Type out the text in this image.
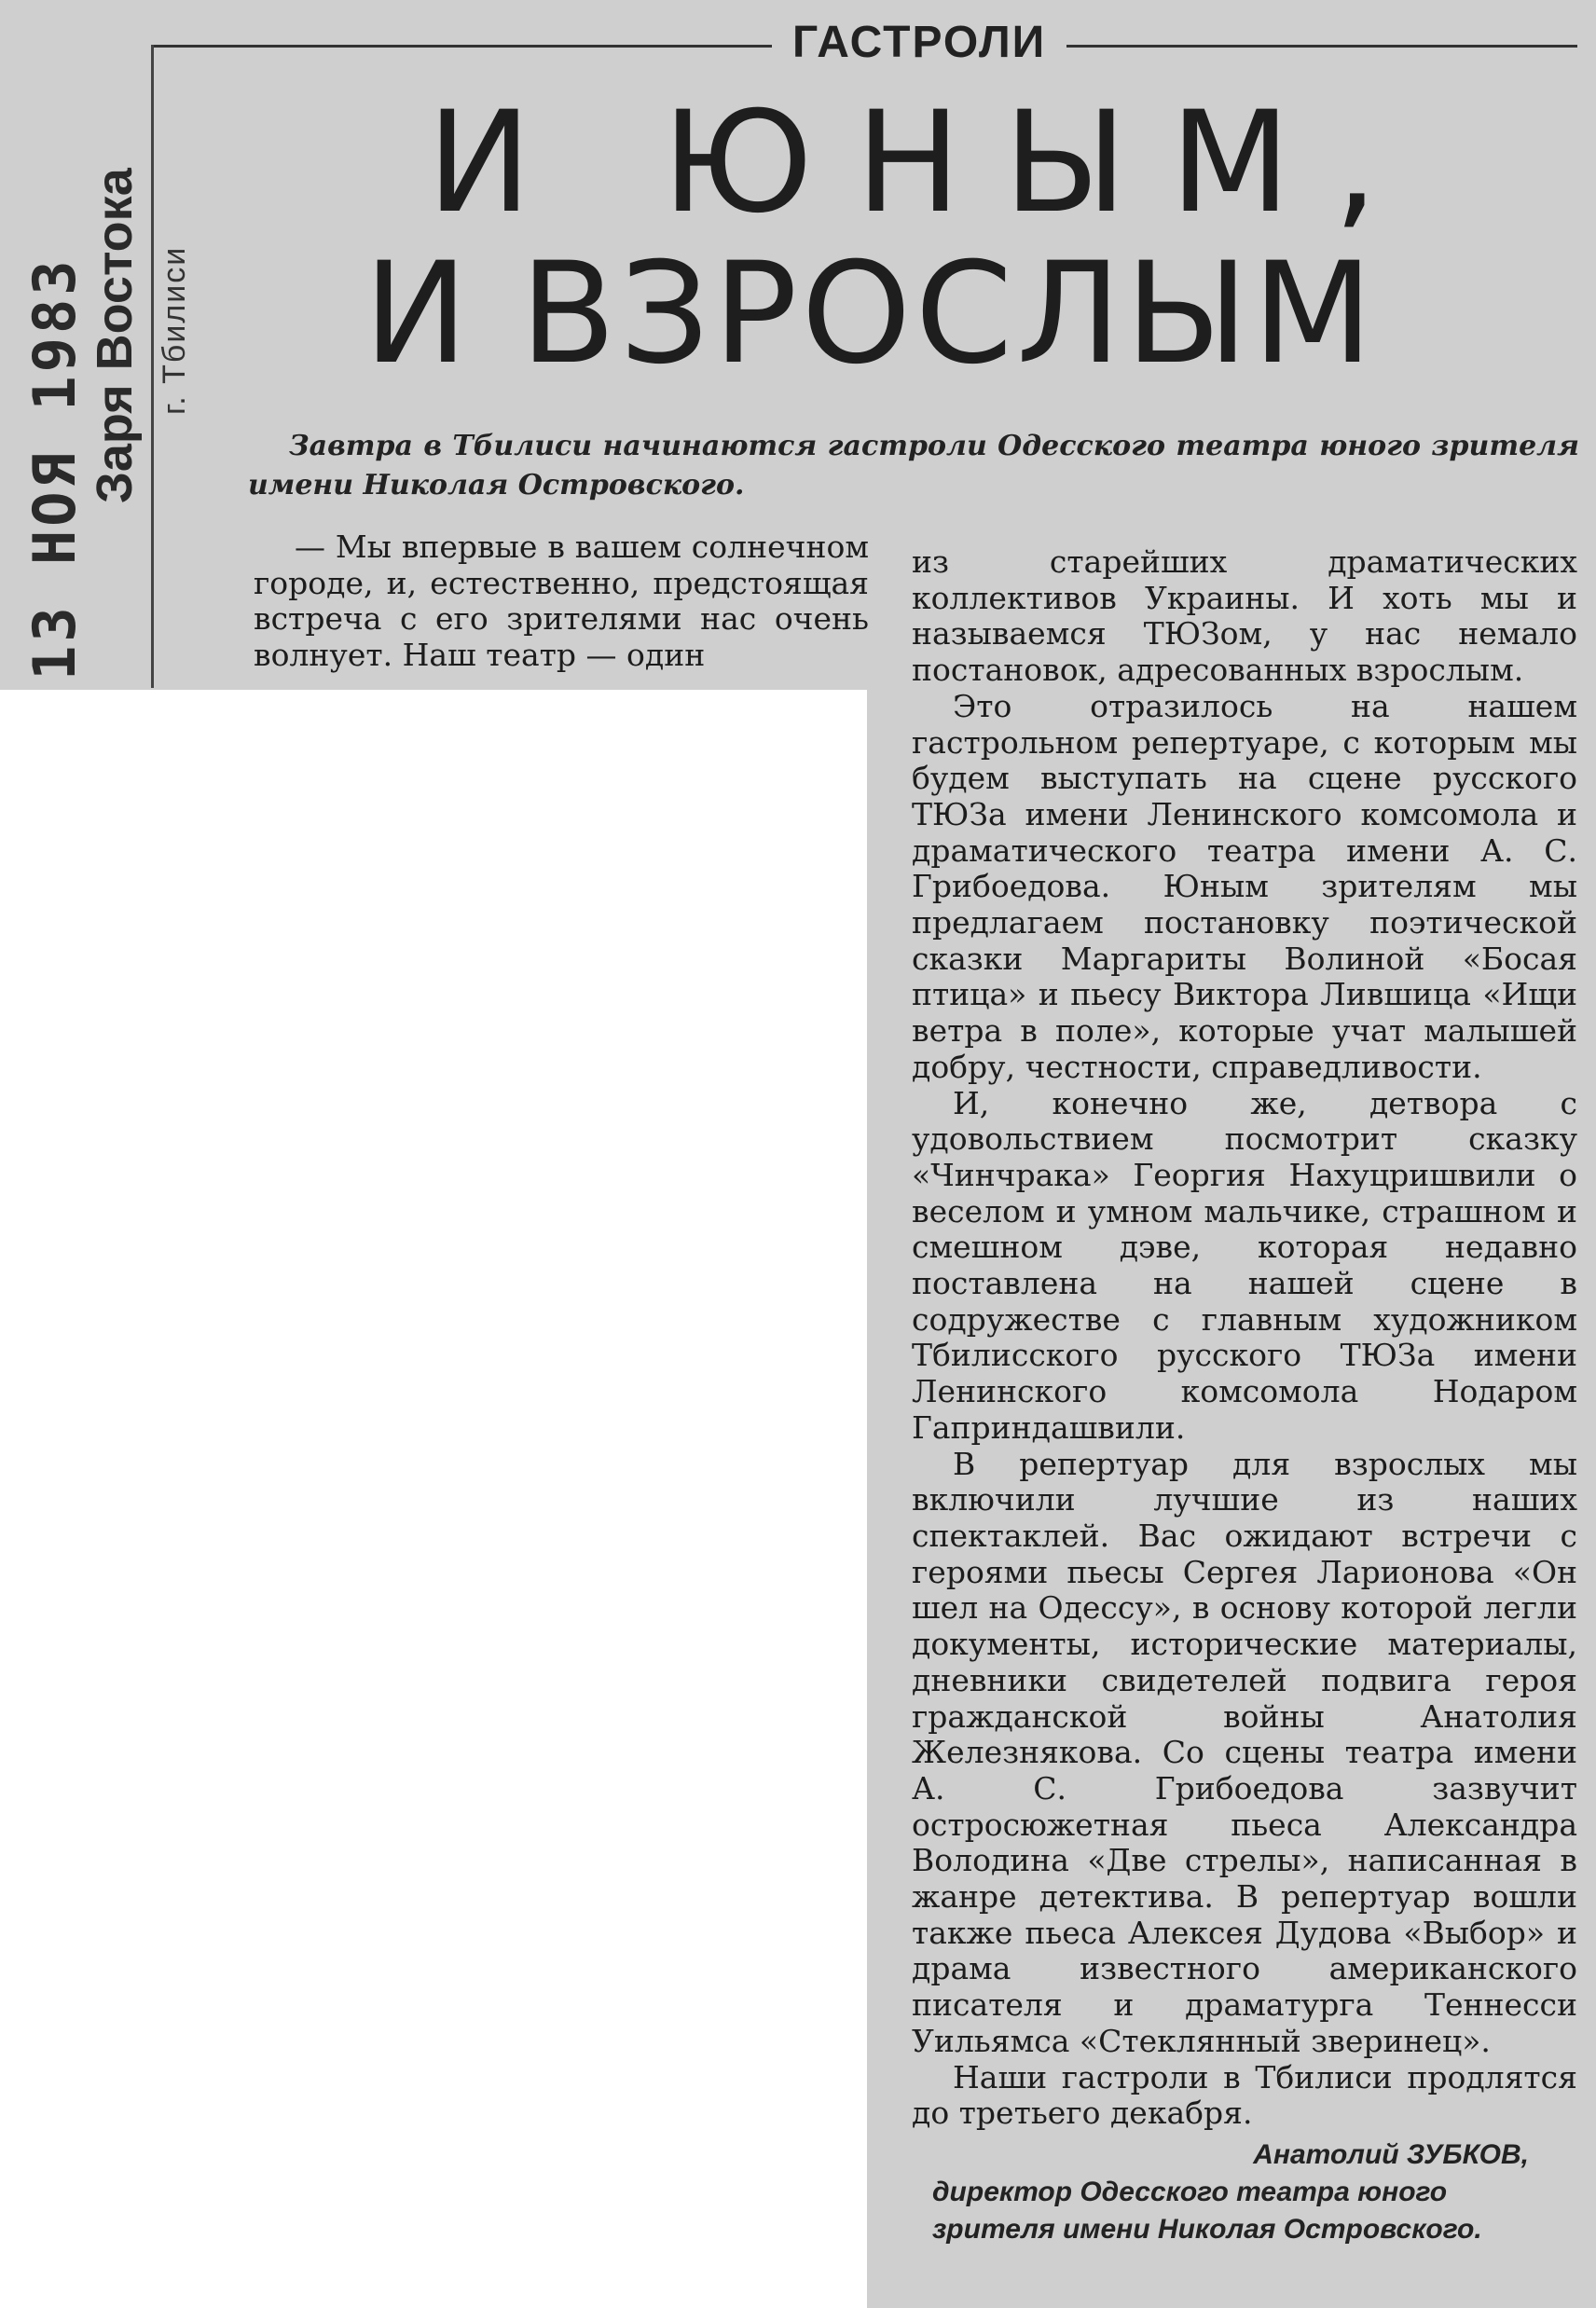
ГАСТРОЛИ
13 НОЯ 1983
Заря Востока г. Тбилиси
И ЮНЫМ,
И ВЗРОСЛЫМ
Завтра в Тбилиси начинаются гастроли Одесского театра юного зрителя имени Николая Островского.

— Мы впервые в вашем солнечном городе, и, естественно, предстоящая встреча с его зрителями нас очень волнует. Наш театр — один

из старейших драматических коллективов Украины. И хоть мы и называемся ТЮЗом, у нас немало постановок, адресованных взрослым.

Это отразилось на нашем гастрольном репертуаре, с которым мы будем выступать на сцене русского ТЮЗа имени Ленинского комсомола и драматического театра имени А. С. Грибоедова. Юным зрителям мы предлагаем постановку поэтической сказки Маргариты Волиной «Босая птица» и пьесу Виктора Лившица «Ищи ветра в поле», которые учат малышей добру, честности, справедливости.

И, конечно же, детвора с удовольствием посмотрит сказку «Чинчрака» Георгия Нахуцришвили о веселом и умном мальчике, страшном и смешном дэве, которая недавно поставлена на нашей сцене в содружестве с главным художником Тбилисского русского ТЮЗа имени Ленинского комсомола Нодаром Гаприндашвили.

В репертуар для взрослых мы включили лучшие из наших спектаклей. Вас ожидают встречи с героями пьесы Сергея Ларионова «Он шел на Одессу», в основу которой легли документы, исторические материалы, дневники свидетелей подвига героя гражданской войны Анатолия Железнякова. Со сцены театра имени А. С. Грибоедова зазвучит остросюжетная пьеса Александра Володина «Две стрелы», написанная в жанре детектива. В репертуар вошли также пьеса Алексея Дудова «Выбор» и драма известного американского писателя и драматурга Теннесси Уильямса «Стеклянный зверинец».

Наши гастроли в Тбилиси продлятся до третьего декабря.

Анатолий ЗУБКОВ,
директор Одесского театра юного зрителя имени Николая Островского.
